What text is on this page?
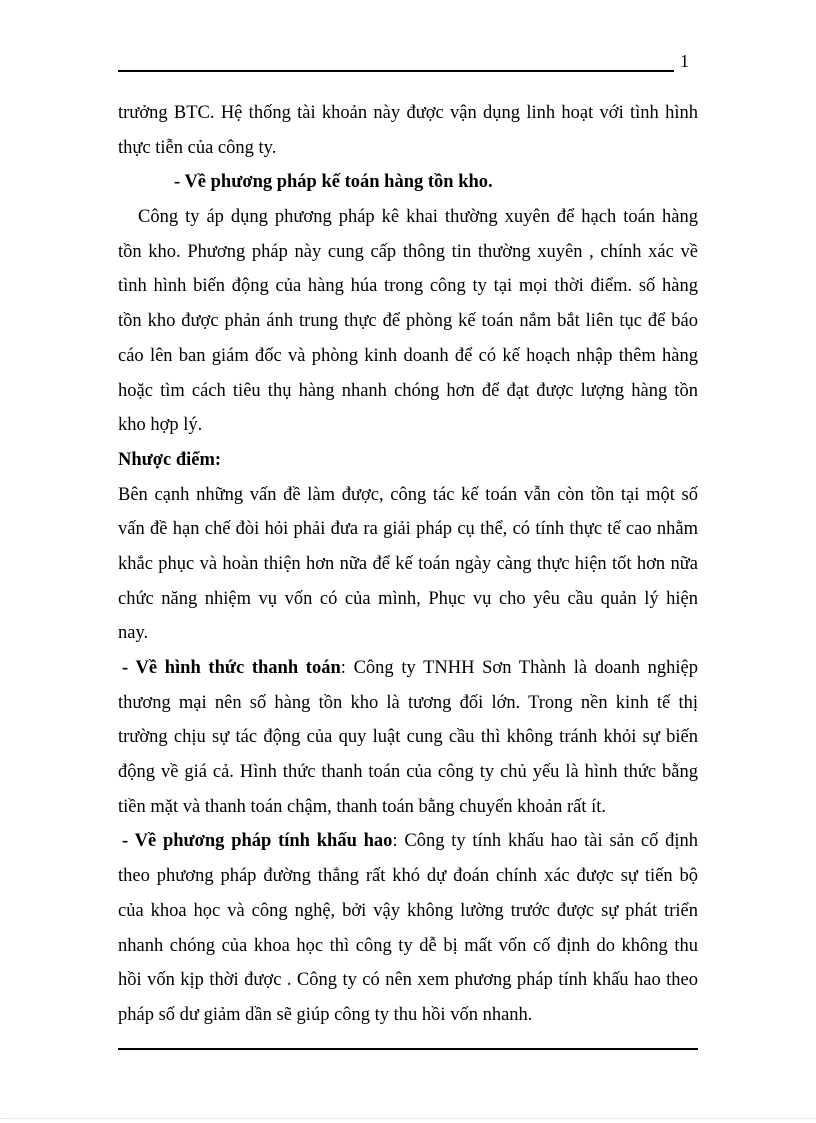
1
trưởng BTC. Hệ thống tài khoản này được vận dụng linh hoạt với tình hình
thực tiễn của công ty.
- Về phương pháp kế toán hàng tồn kho.
Công ty áp dụng phương pháp kê khai thường xuyên để hạch toán hàng
tồn kho. Phương pháp này cung cấp thông tin thường xuyên , chính xác về
tình hình biến động của hàng húa trong công ty tại mọi thời điểm. số hàng
tồn kho được phản ánh trung thực để phòng kế toán nắm bắt liên tục để báo
cáo lên ban giám đốc và phòng kinh doanh để có kế hoạch nhập thêm hàng
hoặc tìm cách tiêu thụ hàng nhanh chóng hơn để đạt được lượng hàng tồn
kho hợp lý.
Nhược điểm:
Bên cạnh những vấn đề làm được, công tác kế toán vẫn còn tồn tại một số
vấn đề hạn chế đòi hỏi phải đưa ra giải pháp cụ thể, có tính thực tế cao nhằm
khắc phục và hoàn thiện hơn nữa để kế toán ngày càng thực hiện tốt hơn nữa
chức năng nhiệm vụ vốn có của mình, Phục vụ cho yêu cầu quản lý hiện
nay.
- Về hình thức thanh toán: Công ty TNHH Sơn Thành là doanh nghiệp
thương mại nên số hàng tồn kho là tương đối lớn. Trong nền kinh tế thị
trường chịu sự tác động của quy luật cung cầu thì không tránh khỏi sự biến
động về giá cả. Hình thức thanh toán của công ty chủ yếu là hình thức bằng
tiền mặt và thanh toán chậm, thanh toán bằng chuyển khoản rất ít.
- Về phương pháp tính khấu hao: Công ty tính khấu hao tài sản cố định
theo phương pháp đường thẳng rất khó dự đoán chính xác được sự tiến bộ
của khoa học và công nghệ, bởi vậy không lường trước được sự phát triển
nhanh chóng của khoa học thì công ty dễ bị mất vốn cố định do không thu
hồi vốn kịp thời được . Công ty có nên xem phương pháp tính khấu hao theo
pháp số dư giảm dần sẽ giúp công ty thu hồi vốn nhanh.
